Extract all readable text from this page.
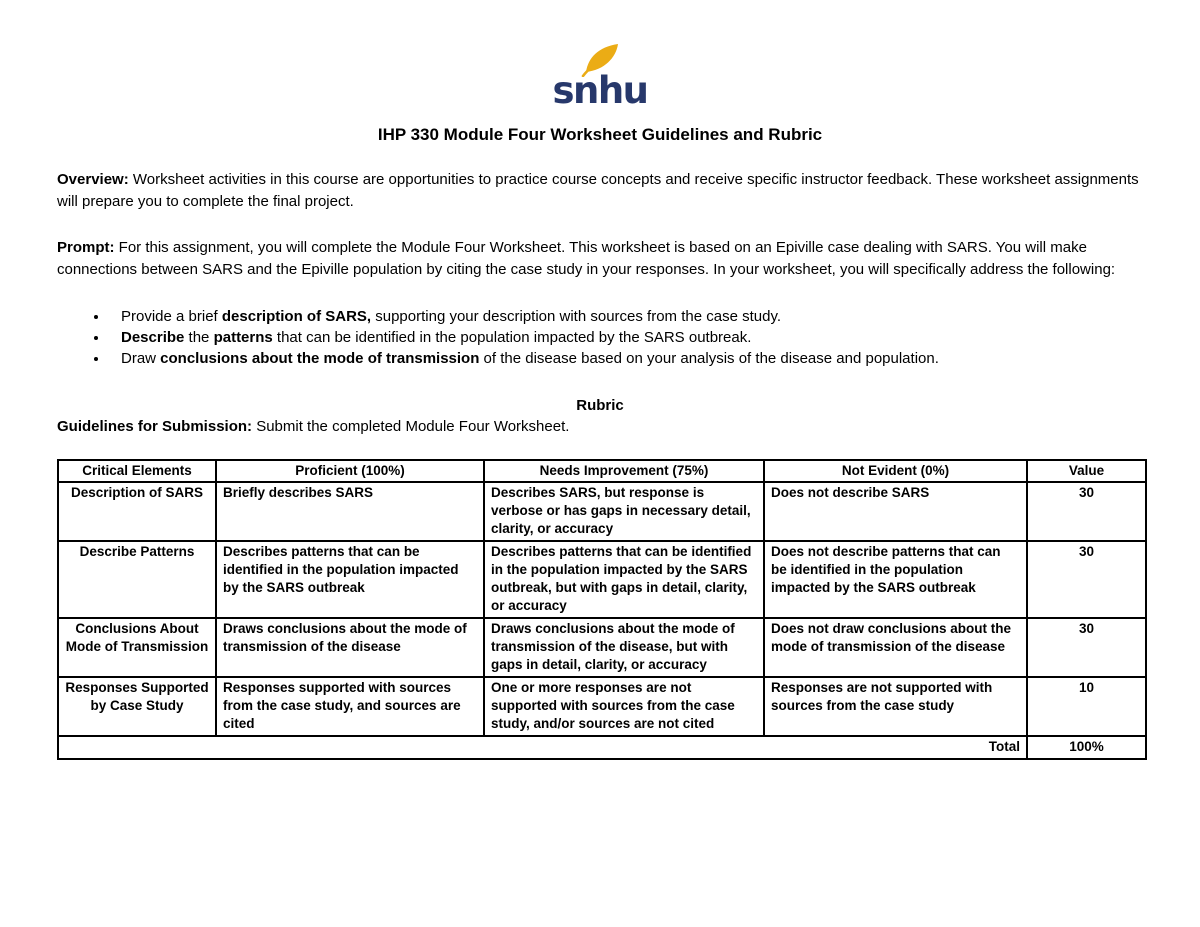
snhu
IHP 330 Module Four Worksheet Guidelines and Rubric

Overview: Worksheet activities in this course are opportunities to practice course concepts and receive specific instructor feedback. These worksheet assignments will prepare you to complete the final project.

Prompt: For this assignment, you will complete the Module Four Worksheet. This worksheet is based on an Epiville case dealing with SARS. You will make connections between SARS and the Epiville population by citing the case study in your responses. In your worksheet, you will specifically address the following:

• Provide a brief description of SARS, supporting your description with sources from the case study.
• Describe the patterns that can be identified in the population impacted by the SARS outbreak.
• Draw conclusions about the mode of transmission of the disease based on your analysis of the disease and population.
Rubric

Guidelines for Submission: Submit the completed Module Four Worksheet.

Critical Elements	Proficient (100%)	Needs Improvement (75%)	Not Evident (0%)	Value
Description of SARS	Briefly describes SARS	Describes SARS, but response is verbose or has gaps in necessary detail, clarity, or accuracy	Does not describe SARS	30
Describe Patterns	Describes patterns that can be identified in the population impacted by the SARS outbreak	Describes patterns that can be identified in the population impacted by the SARS outbreak, but with gaps in detail, clarity, or accuracy	Does not describe patterns that can be identified in the population impacted by the SARS outbreak	30
Conclusions About Mode of Transmission	Draws conclusions about the mode of transmission of the disease	Draws conclusions about the mode of transmission of the disease, but with gaps in detail, clarity, or accuracy	Does not draw conclusions about the mode of transmission of the disease	30
Responses Supported by Case Study	Responses supported with sources from the case study, and sources are cited	One or more responses are not supported with sources from the case study, and/or sources are not cited	Responses are not supported with sources from the case study	10
Total				100%
